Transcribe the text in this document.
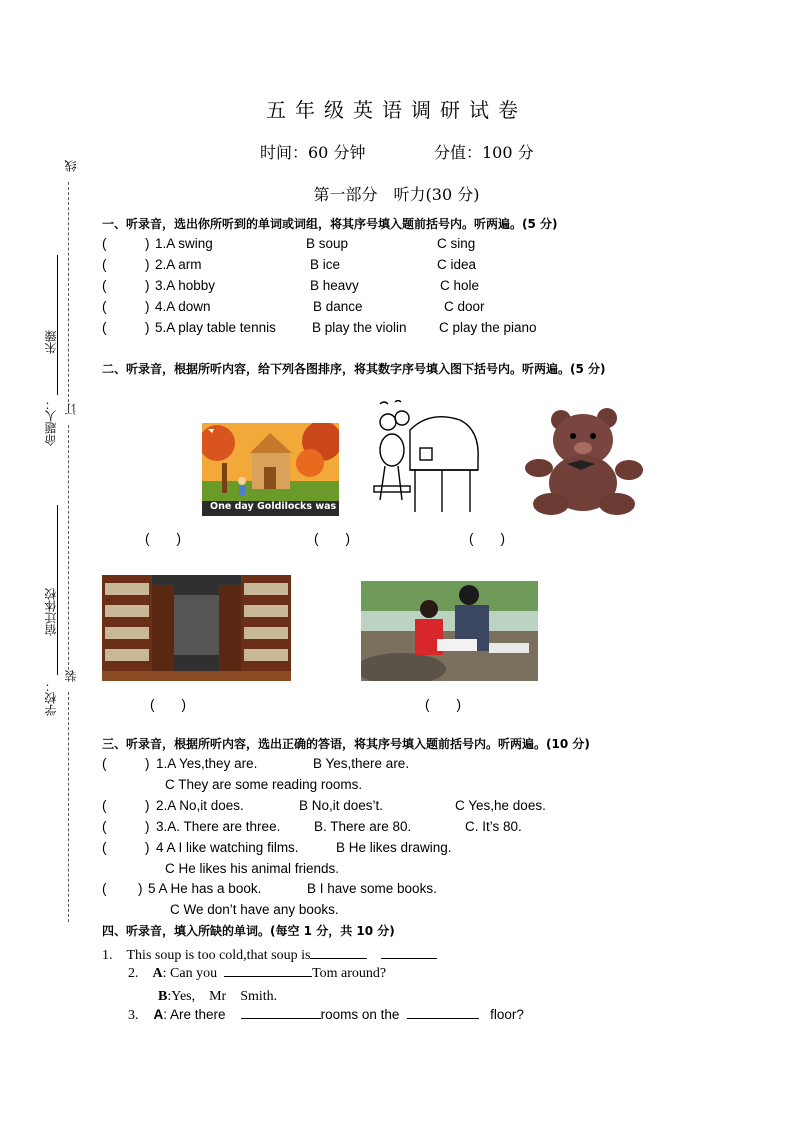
五年级英语调研试卷
时间：60 分钟	分值：100 分
第一部分　听力(30 分)
线
订
装
命题人：
朱臻
学校：
宿迁体校
一、听录音，选出你所听到的单词或词组，将其序号填入题前括号内。听两遍。(5 分)
(	) 1.A swing	B soup	C sing
(	) 2.A arm	B ice	C idea
(	) 3.A hobby	B heavy	C hole
(	) 4.A down	B dance	C door
(	) 5.A play table tennis	B play the violin C play the piano
二、听录音，根据所听内容，给下列各图排序，将其数字序号填入图下括号内。听两遍。(5 分)
One day Goldilocks was
(　　)	(　　)	(　　)
(　　)	(　　)
三、听录音，根据所听内容，选出正确的答语，将其序号填入题前括号内。听两遍。(10 分)
(	) 1.A Yes,they are.	B Yes,there are.
C They are some reading rooms.
(	) 2.A No,it does.	B No,it does’t.	C Yes,he does.
(	) 3.A. There are three. B. There are 80.	C. It’s 80.
(	) 4 A I like watching films.	B He likes drawing.
C He likes his animal friends.
( ) 5 A He has a book.	B I have some books.
C We don’t have any books.
四、听录音，填入所缺的单词。(每空 1 分，共 10 分)
1.　This soup is too cold,that soup is
2. A: Can you	Tom around?
B:Yes,　Mr　Smith.
3. A: Are there	rooms on the	floor?
